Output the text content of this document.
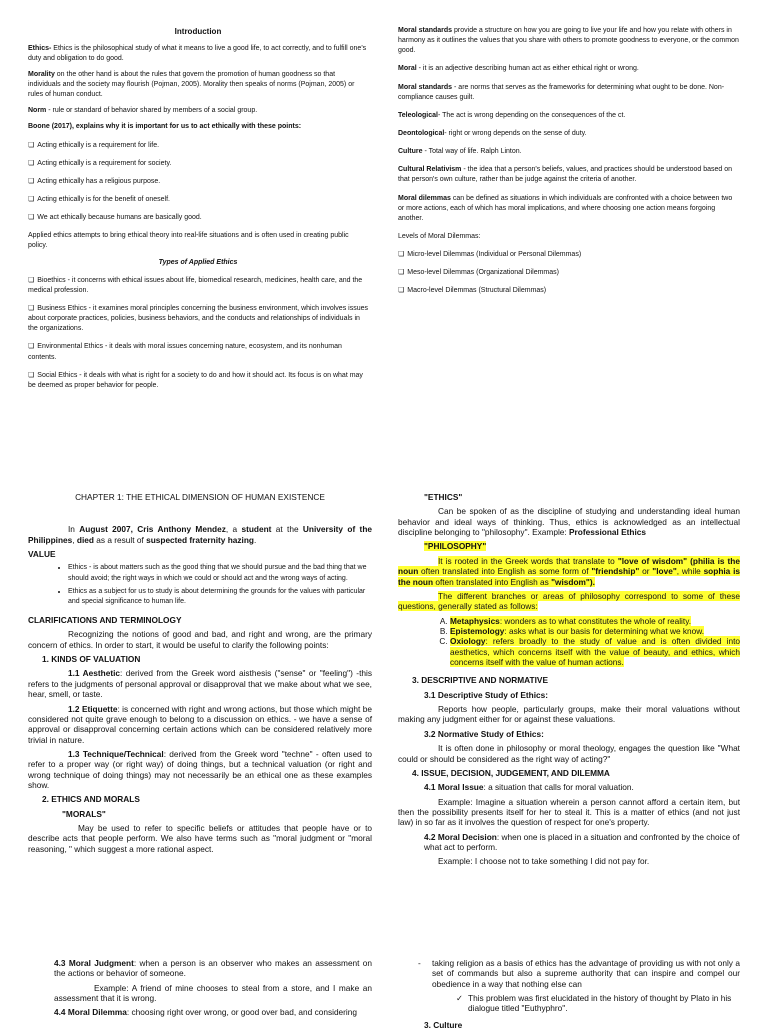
Introduction
Ethics- Ethics is the philosophical study of what it means to live a good life, to act correctly, and to fulfill one's duty and obligation to do good.
Morality on the other hand is about the rules that govern the promotion of human goodness so that individuals and the society may flourish (Pojman, 2005). Morality then speaks of norms (Pojman, 2005) or rules of human conduct.
Norm - rule or standard of behavior shared by members of a social group.
Boone (2017), explains why it is important for us to act ethically with these points:
❏ Acting ethically is a requirement for life.
❏ Acting ethically is a requirement for society.
❏ Acting ethically has a religious purpose.
❏ Acting ethically is for the benefit of oneself.
❏ We act ethically because humans are basically good.
Applied ethics attempts to bring ethical theory into real-life situations and is often used in creating public policy.
Types of Applied Ethics
❏ Bioethics - it concerns with ethical issues about life, biomedical research, medicines, health care, and the medical profession.
❏ Business Ethics - it examines moral principles concerning the business environment, which involves issues about corporate practices, policies, business behaviors, and the conducts and relationships of individuals in the organizations.
❏ Environmental Ethics - it deals with moral issues concerning nature, ecosystem, and its nonhuman contents.
❏ Social Ethics - it deals with what is right for a society to do and how it should act. Its focus is on what may be deemed as proper behavior for people.
Moral standards provide a structure on how you are going to live your life and how you relate with others in harmony as it outlines the values that you share with others to promote goodness to everyone, or the common good.
Moral - it is an adjective describing human act as either ethical right or wrong.
Moral standards - are norms that serves as the frameworks for determining what ought to be done. Non-compliance causes guilt.
Teleological- The act is wrong depending on the consequences of the ct.
Deontological- right or wrong depends on the sense of duty.
Culture - Total way of life. Ralph Linton.
Cultural Relativism - the idea that a person's beliefs, values, and practices should be understood based on that person's own culture, rather than be judge against the criteria of another.
Moral dilemmas can be defined as situations in which individuals are confronted with a choice between two or more actions, each of which has moral implications, and where choosing one action means forgoing another.
Levels of Moral Dilemmas:
❏ Micro-level Dilemmas (Individual or Personal Dilemmas)
❏ Meso-level Dilemmas (Organizational Dilemmas)
❏ Macro-level Dilemmas (Structural Dilemmas)
CHAPTER 1: THE ETHICAL DIMENSION OF HUMAN EXISTENCE
In August 2007, Cris Anthony Mendez, a student at the University of the Philippines, died as a result of suspected fraternity hazing.
VALUE
• Ethics - is about matters such as the good thing that we should pursue and the bad thing that we should avoid; the right ways in which we could or should act and the wrong ways of acting.
• Ethics as a subject for us to study is about determining the grounds for the values with particular and special significance to human life.
CLARIFICATIONS AND TERMINOLOGY
Recognizing the notions of good and bad, and right and wrong, are the primary concern of ethics. In order to start, it would be useful to clarify the following points:
1. KINDS OF VALUATION
1.1 Aesthetic: derived from the Greek word aisthesis ("sense" or "feeling") -this refers to the judgments of personal approval or disapproval that we make about what we see, hear, smell, or taste.
1.2 Etiquette: is concerned with right and wrong actions, but those which might be considered not quite grave enough to belong to a discussion on ethics. - we have a sense of approval or disapproval concerning certain actions which can be considered relatively more trivial in nature.
1.3 Technique/Technical: derived from the Greek word "techne" - often used to refer to a proper way (or right way) of doing things, but a technical valuation (or right and wrong technique of doing things) may not necessarily be an ethical one as these examples show.
2. ETHICS AND MORALS
"MORALS"
May be used to refer to specific beliefs or attitudes that people have or to describe acts that people perform. We also have terms such as "moral judgment or "moral reasoning, " which suggest a more rational aspect.
"ETHICS"
Can be spoken of as the discipline of studying and understanding ideal human behavior and ideal ways of thinking. Thus, ethics is acknowledged as an intellectual discipline belonging to "philosophy". Example: Professional Ethics
"PHILOSOPHY"
It is rooted in the Greek words that translate to "love of wisdom" (philia is the noun often translated into English as some form of "friendship" or "love", while sophia is the noun often translated into English as "wisdom").
The different branches or areas of philosophy correspond to some of these questions, generally stated as follows:
A. Metaphysics: wonders as to what constitutes the whole of reality.
B. Epistemology: asks what is our basis for determining what we know.
C. Oxiology: refers broadly to the study of value and is often divided into aesthetics, which concerns itself with the value of beauty, and ethics, which concerns itself with the value of human actions.
3. DESCRIPTIVE AND NORMATIVE
3.1 Descriptive Study of Ethics:
Reports how people, particularly groups, make their moral valuations without making any judgment either for or against these valuations.
3.2 Normative Study of Ethics:
It is often done in philosophy or moral theology, engages the question like "What could or should be considered as the right way of acting?"
4. ISSUE, DECISION, JUDGEMENT, AND DILEMMA
4.1 Moral Issue: a situation that calls for moral valuation.
Example: Imagine a situation wherein a person cannot afford a certain item, but then the possibility presents itself for her to steal it. This is a matter of ethics (and not just law) in so far as it involves the question of respect for one's property.
4.2 Moral Decision: when one is placed in a situation and confronted by the choice of what act to perform.
Example: I choose not to take something I did not pay for.
4.3 Moral Judgment: when a person is an observer who makes an assessment on the actions or behavior of someone.
Example: A friend of mine chooses to steal from a store, and I make an assessment that it is wrong.
4.4 Moral Dilemma: choosing right over wrong, or good over bad, and considering
- taking religion as a basis of ethics has the advantage of providing us with not only a set of commands but also a supreme authority that can inspire and compel our obedience in a way that nothing else can
✓ This problem was first elucidated in the history of thought by Plato in his dialogue titled "Euthyphro".
3. Culture
